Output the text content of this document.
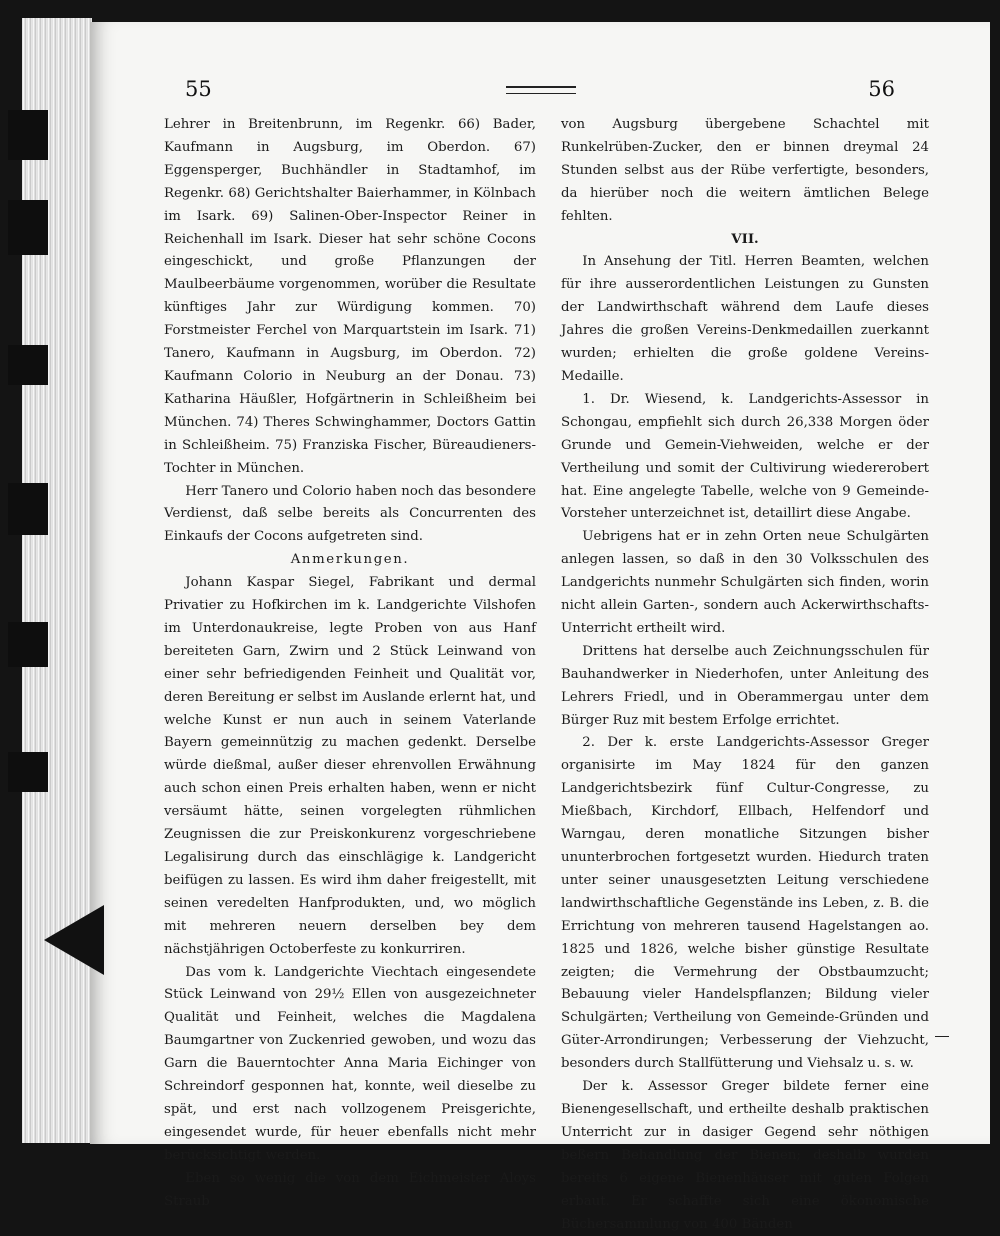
55	56

Lehrer in Breitenbrunn, im Regenkr. 66) Bader, Kaufmann in Augsburg, im Oberdon. 67) Eggensperger, Buchhändler in Stadtamhof, im Regenkr. 68) Gerichtshalter Baierhammer, in Kölnbach im Isark. 69) Salinen-Ober-Inspector Reiner in Reichenhall im Isark. Dieser hat sehr schöne Cocons eingeschickt, und große Pflanzungen der Maulbeerbäume vorgenommen, worüber die Resultate künftiges Jahr zur Würdigung kommen. 70) Forstmeister Ferchel von Marquartstein im Isark. 71) Tanero, Kaufmann in Augsburg, im Oberdon. 72) Kaufmann Colorio in Neuburg an der Donau. 73) Katharina Häußler, Hofgärtnerin in Schleißheim bei München. 74) Theres Schwinghammer, Doctors Gattin in Schleißheim. 75) Franziska Fischer, Büreaudieners-Tochter in München.

Herr Tanero und Colorio haben noch das besondere Verdienst, daß selbe bereits als Concurrenten des Einkaufs der Cocons aufgetreten sind.

Anmerkungen.

Johann Kaspar Siegel, Fabrikant und dermal Privatier zu Hofkirchen im k. Landgerichte Vilshofen im Unterdonaukreise, legte Proben von aus Hanf bereiteten Garn, Zwirn und 2 Stück Leinwand von einer sehr befriedigenden Feinheit und Qualität vor, deren Bereitung er selbst im Auslande erlernt hat, und welche Kunst er nun auch in seinem Vaterlande Bayern gemeinnützig zu machen gedenkt. Derselbe würde dießmal, außer dieser ehrenvollen Erwähnung auch schon einen Preis erhalten haben, wenn er nicht versäumt hätte, seinen vorgelegten rühmlichen Zeugnissen die zur Preiskonkurenz vorgeschriebene Legalisirung durch das einschlägige k. Landgericht beifügen zu lassen. Es wird ihm daher freigestellt, mit seinen veredelten Hanfprodukten, und, wo möglich mit mehreren neuern derselben bey dem nächstjährigen Octoberfeste zu konkurriren.

Das vom k. Landgerichte Viechtach eingesendete Stück Leinwand von 29½ Ellen von ausgezeichneter Qualität und Feinheit, welches die Magdalena Baumgartner von Zuckenried gewoben, und wozu das Garn die Bauerntochter Anna Maria Eichinger von Schreindorf gesponnen hat, konnte, weil dieselbe zu spät, und erst nach vollzogenem Preisgerichte, eingesendet wurde, für heuer ebenfalls nicht mehr berücksichtigt werden.

Eben so wenig die von dem Eichmeister Aloys Straub

von Augsburg übergebene Schachtel mit Runkelrüben-Zucker, den er binnen dreymal 24 Stunden selbst aus der Rübe verfertigte, besonders, da hierüber noch die weitern ämtlichen Belege fehlten.

VII.

In Ansehung der Titl. Herren Beamten, welchen für ihre ausserordentlichen Leistungen zu Gunsten der Landwirthschaft während dem Laufe dieses Jahres die großen Vereins-Denkmedaillen zuerkannt wurden; erhielten die große goldene Vereins-Medaille.

1. Dr. Wiesend, k. Landgerichts-Assessor in Schongau, empfiehlt sich durch 26,338 Morgen öder Grunde und Gemein-Viehweiden, welche er der Vertheilung und somit der Cultivirung wiedererobert hat. Eine angelegte Tabelle, welche von 9 Gemeinde-Vorsteher unterzeichnet ist, detaillirt diese Angabe.

Uebrigens hat er in zehn Orten neue Schulgärten anlegen lassen, so daß in den 30 Volksschulen des Landgerichts nunmehr Schulgärten sich finden, worin nicht allein Garten-, sondern auch Ackerwirthschafts-Unterricht ertheilt wird.

Drittens hat derselbe auch Zeichnungsschulen für Bauhandwerker in Niederhofen, unter Anleitung des Lehrers Friedl, und in Oberammergau unter dem Bürger Ruz mit bestem Erfolge errichtet.

2. Der k. erste Landgerichts-Assessor Greger organisirte im May 1824 für den ganzen Landgerichtsbezirk fünf Cultur-Congresse, zu Mießbach, Kirchdorf, Ellbach, Helfendorf und Warngau, deren monatliche Sitzungen bisher ununterbrochen fortgesetzt wurden. Hiedurch traten unter seiner unausgesetzten Leitung verschiedene landwirthschaftliche Gegenstände ins Leben, z. B. die Errichtung von mehreren tausend Hagelstangen ao. 1825 und 1826, welche bisher günstige Resultate zeigten; die Vermehrung der Obstbaumzucht; Bebauung vieler Handelspflanzen; Bildung vieler Schulgärten; Vertheilung von Gemeinde-Gründen und Güter-Arrondirungen; Verbesserung der Viehzucht, besonders durch Stallfütterung und Viehsalz u. s. w.

Der k. Assessor Greger bildete ferner eine Bienengesellschaft, und ertheilte deshalb praktischen Unterricht zur in dasiger Gegend sehr nöthigen beßern Behandlung der Bienen; deshalb wurden bereits 6 eigene Bienenhäuser mit guten Folgen erbaut. Er schaffte sich eine ökonomische Büchersammlung von 400 Bänden
